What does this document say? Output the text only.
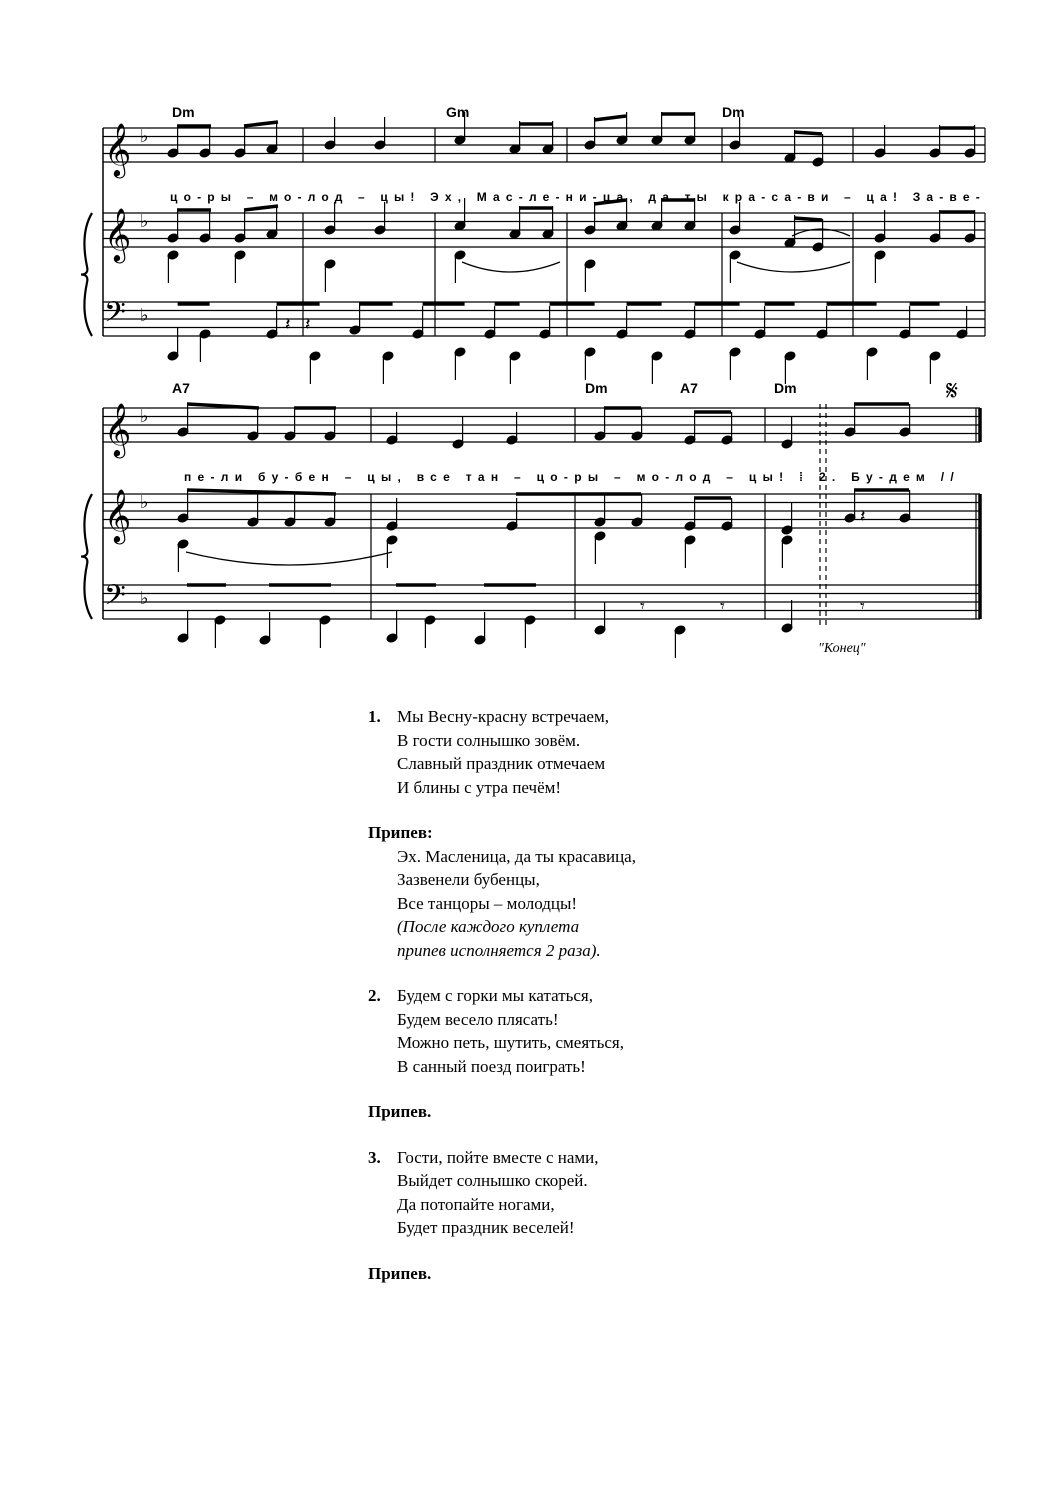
𝄞
𝄞
𝄞
𝄞
𝄢
𝄢
♭
♭
♭
♭
♭
♭
𝄽 𝄽
𝄾	𝄾	𝄾
𝄽
Dm	Gm	Dm
цо-ры – мо-лод – цы! Эх, Мас-ле-ни-ца, да ты кра-са-ви – ца! За-ве-
A7	Dm	A7	Dm	𝄋
пе-ли бу-бен – цы, все тан – цо-ры – мо-лод – цы! ⁞ 2. Бу-дем //
"Конец"
1. Мы Весну-красну встречаем,
В гости солнышко зовём.
Славный праздник отмечаем
И блины с утра печём!
Припев:
Эх. Масленица, да ты красавица,
Зазвенели бубенцы,
Все танцоры – молодцы!
(После каждого куплета
припев исполняется 2 раза).
2. Будем с горки мы кататься,
Будем весело плясать!
Можно петь, шутить, смеяться,
В санный поезд поиграть!
Припев.
3. Гости, пойте вместе с нами,
Выйдет солнышко скорей.
Да потопайте ногами,
Будет праздник веселей!
Припев.
